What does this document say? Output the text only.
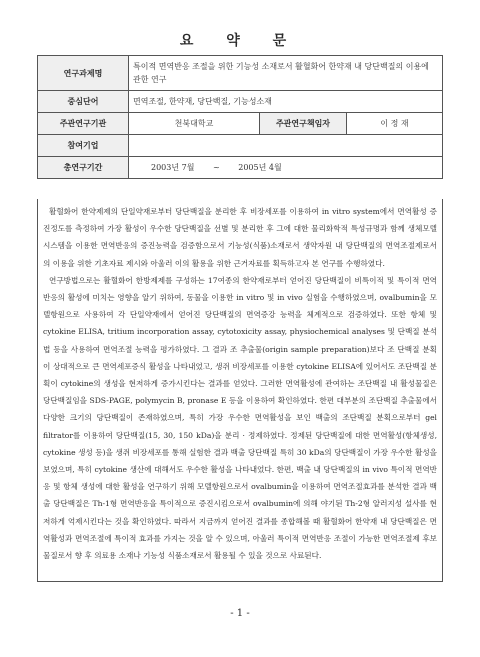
요 약 문
연구과제명	특이적 면역반응 조절을 위한 기능성 소재로서 활혈화어 한약재 내 당단백질의 이용에 관한 연구		
중심단어	면역조절, 한약재, 당단백질, 기능성소재		
주관연구기관	천북대학교	주관연구책임자	이 정 재
참여기업			
총연구기간	2003년 7월 ~ 2005년 4월		

활혈화어 한약제제의 단일약재로부터 당단백질을 분리한 후 비장세포를 이용하여 in vitro system에서 면역활성 증진정도를 측정하여 가장 활성이 우수한 당단백질을 선별 및 분리한 후 그에 대한 물리화학적 특성규명과 함께 생체모델시스템을 이용한 면역반응의 증진능력을 검증함으로서 기능성(식품)소재로서 생약자원 내 당단백질의 면역조절제로서의 이용을 위한 기초자료 제시와 아울러 이의 활용을 위한 근거자료를 획득하고자 본 연구를 수행하였다.

연구방법으로는 활혈화어 한방제제를 구성하는 17여종의 한약재로부터 얻어진 당단백질이 비특이적 및 특이적 면역반응의 활성에 미치는 영향을 알기 위하여, 동물을 이용한 in vitro 및 in vivo 실험을 수행하였으며, ovalbumin을 모델항원으로 사용하여 각 단일약재에서 얻어진 당단백질의 면역증강 능력을 체계적으로 검증하였다. 또한 항체 및 cytokine ELISA, tritium incorporation assay, cytotoxicity assay, physiochemical analyses 및 단백질 분석법 등을 사용하여 면역조절 능력을 평가하였다. 그 결과 조 추출물(origin sample preparation)보다 조 단백질 분획이 상대적으로 큰 면역세포증식 활성을 나타내었고, 생쥐 비장세포를 이용한 cytokine ELISA에 있어서도 조단백질 분획이 cytokine의 생성을 현저하게 증가시킨다는 결과를 얻었다. 그러한 면역활성에 관여하는 조단백질 내 활성물질은 당단백질임을 SDS-PAGE, polymycin B, pronase E 등을 이용하여 확인하였다. 한편 대부분의 조단백질 추출물에서 다양한 크기의 당단백질이 존재하였으며, 특히 가장 우수한 면역활성을 보인 백출의 조단백질 분획으로부터 gel filtrator를 이용하여 당단백질(15, 30, 150 kDa)을 분리 · 정제하였다. 정제된 당단백질에 대한 면역활성(항체생성, cytokine 생성 등)을 생쥐 비장세포를 통해 실험한 결과 백출 당단백질 특히 30 kDa의 당단백질이 가장 우수한 활성을 보였으며, 특히 cytokine 생산에 대해서도 우수한 활성을 나타내었다. 한편, 백출 내 당단백질의 in vivo 특이적 면역반응 및 항체 생성에 대한 활성을 연구하기 위해 모델항원으로서 ovalbumin을 이용하여 면역조절효과를 분석한 결과 백출 당단백질은 Th-1형 면역반응을 특이적으로 증진시킴으로서 ovalbumin에 의해 야기된 Th-2형 알러지성 설사를 현저하게 억제시킨다는 것을 확인하였다. 따라서 지금까지 얻어진 결과를 종합해볼 때 활혈화어 한약재 내 당단백질은 면역활성과 면역조절에 특이적 효과를 가지는 것을 알 수 있으며, 아울러 특이적 면역반응 조절이 가능한 면역조절제 후보물질로서 향 후 의료용 소재나 기능성 식품소재로서 활용될 수 있을 것으로 사료된다.

- 1 -
